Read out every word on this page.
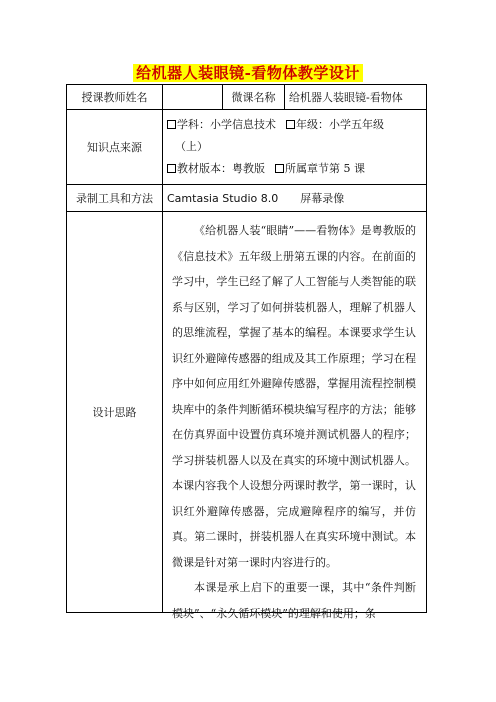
给机器人装眼镜-看物体教学设计
授课教师姓名		微课名称	给机器人装眼镜-看物体
知识点来源	学科：小学信息技术 年级：小学五年级
（上）
教材版本：粤教版 所属章节第 5 课		

录制工具和方法	Camtasia Studio 8.0 屏幕录像		
设计思路	《给机器人装“眼睛”——看物体》是粤教版的《信息技术》五年级上册第五课的内容。在前面的学习中，学生已经了解了人工智能与人类智能的联系与区别，学习了如何拼装机器人，理解了机器人的思维流程，掌握了基本的编程。本课要求学生认识红外避障传感器的组成及其工作原理；学习在程序中如何应用红外避障传感器，掌握用流程控制模块库中的条件判断循环模块编写程序的方法；能够在仿真界面中设置仿真环境并测试机器人的程序；学习拼装机器人以及在真实的环境中测试机器人。本课内容我个人设想分两课时教学，第一课时，认识红外避障传感器，完成避障程序的编写，并仿真。第二课时，拼装机器人在真实环境中测试。本微课是针对第一课时内容进行的。

本课是承上启下的重要一课，其中“条件判断模块”、“永久循环模块”的理解和使用；条		
